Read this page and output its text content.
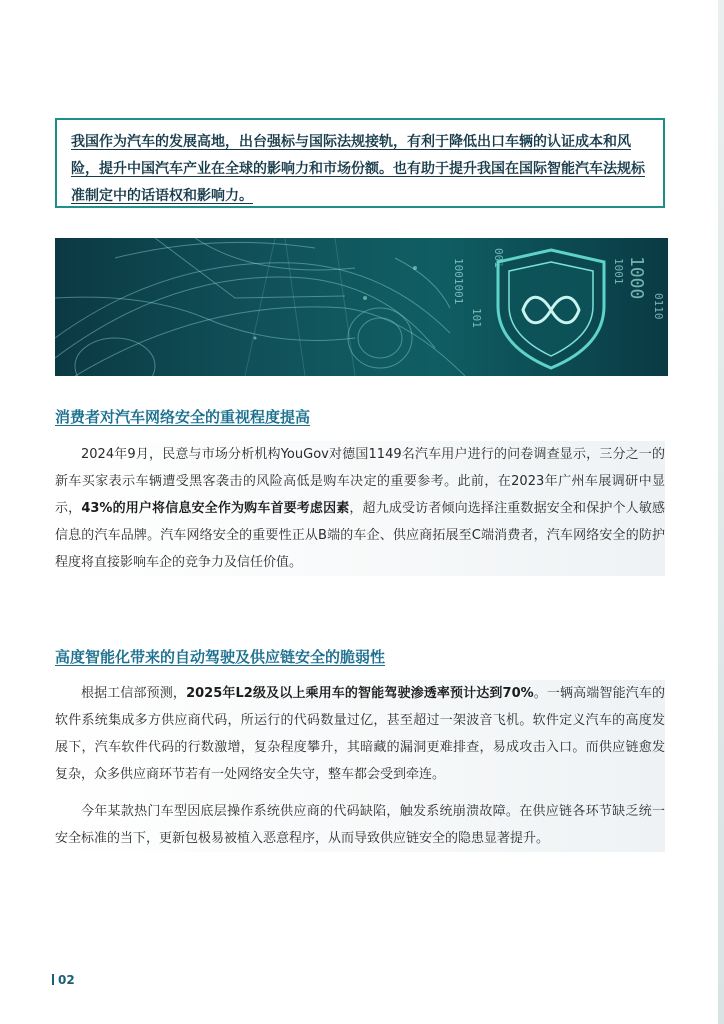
我国作为汽车的发展高地，出台强标与国际法规接轨，有利于降低出口车辆的认证成本和风险，提升中国汽车产业在全球的影响力和市场份额。也有助于提升我国在国际智能汽车法规标准制定中的话语权和影响力。

1001001
101
1001 1000
0110
001
消费者对汽车网络安全的重视程度提高

2024年9月，民意与市场分析机构YouGov对德国1149名汽车用户进行的问卷调查显示，三分之一的新车买家表示车辆遭受黑客袭击的风险高低是购车决定的重要参考。此前，在2023年广州车展调研中显示，43%的用户将信息安全作为购车首要考虑因素，超九成受访者倾向选择注重数据安全和保护个人敏感信息的汽车品牌。汽车网络安全的重要性正从B端的车企、供应商拓展至C端消费者，汽车网络安全的防护程度将直接影响车企的竞争力及信任价值。

高度智能化带来的自动驾驶及供应链安全的脆弱性

根据工信部预测，2025年L2级及以上乘用车的智能驾驶渗透率预计达到70%。一辆高端智能汽车的软件系统集成多方供应商代码，所运行的代码数量过亿，甚至超过一架波音飞机。软件定义汽车的高度发展下，汽车软件代码的行数激增，复杂程度攀升，其暗藏的漏洞更难排查，易成攻击入口。而供应链愈发复杂，众多供应商环节若有一处网络安全失守，整车都会受到牵连。

今年某款热门车型因底层操作系统供应商的代码缺陷，触发系统崩溃故障。在供应链各环节缺乏统一安全标准的当下，更新包极易被植入恶意程序，从而导致供应链安全的隐患显著提升。

02
